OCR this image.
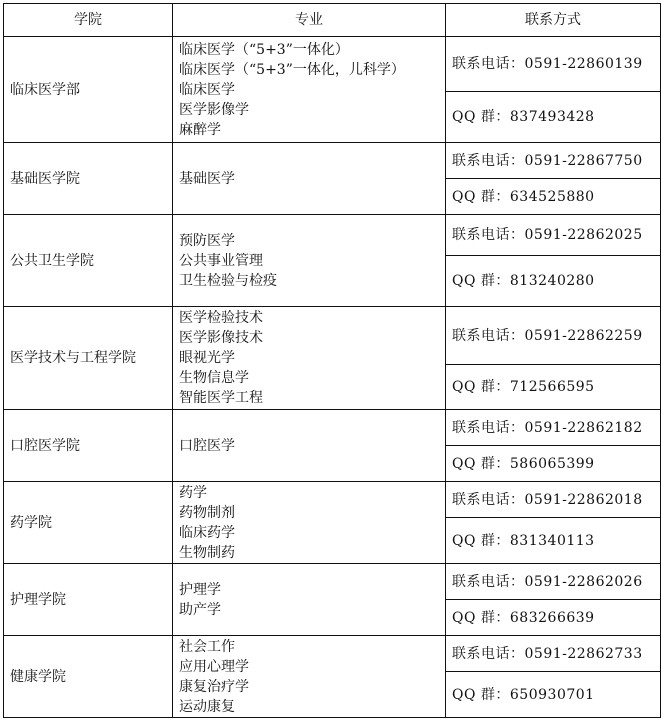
学院	专业	联系方式
临床医学部	临床医学（“5+3”一体化）
临床医学（“5+3”一体化，儿科学）
临床医学
医学影像学
麻醉学	联系电话：0591-22860139
		QQ 群：837493428
基础医学院	基础医学	联系电话：0591-22867750
		QQ 群：634525880
公共卫生学院	预防医学
公共事业管理
卫生检验与检疫	联系电话：0591-22862025
		QQ 群：813240280
医学技术与工程学院	医学检验技术
医学影像技术
眼视光学
生物信息学
智能医学工程	联系电话：0591-22862259
		QQ 群：712566595
口腔医学院	口腔医学	联系电话：0591-22862182
		QQ 群：586065399
药学院	药学
药物制剂
临床药学
生物制药	联系电话：0591-22862018
		QQ 群：831340113
护理学院	护理学
助产学	联系电话：0591-22862026
		QQ 群：683266639
健康学院	社会工作
应用心理学
康复治疗学
运动康复	联系电话：0591-22862733
		QQ 群：650930701
